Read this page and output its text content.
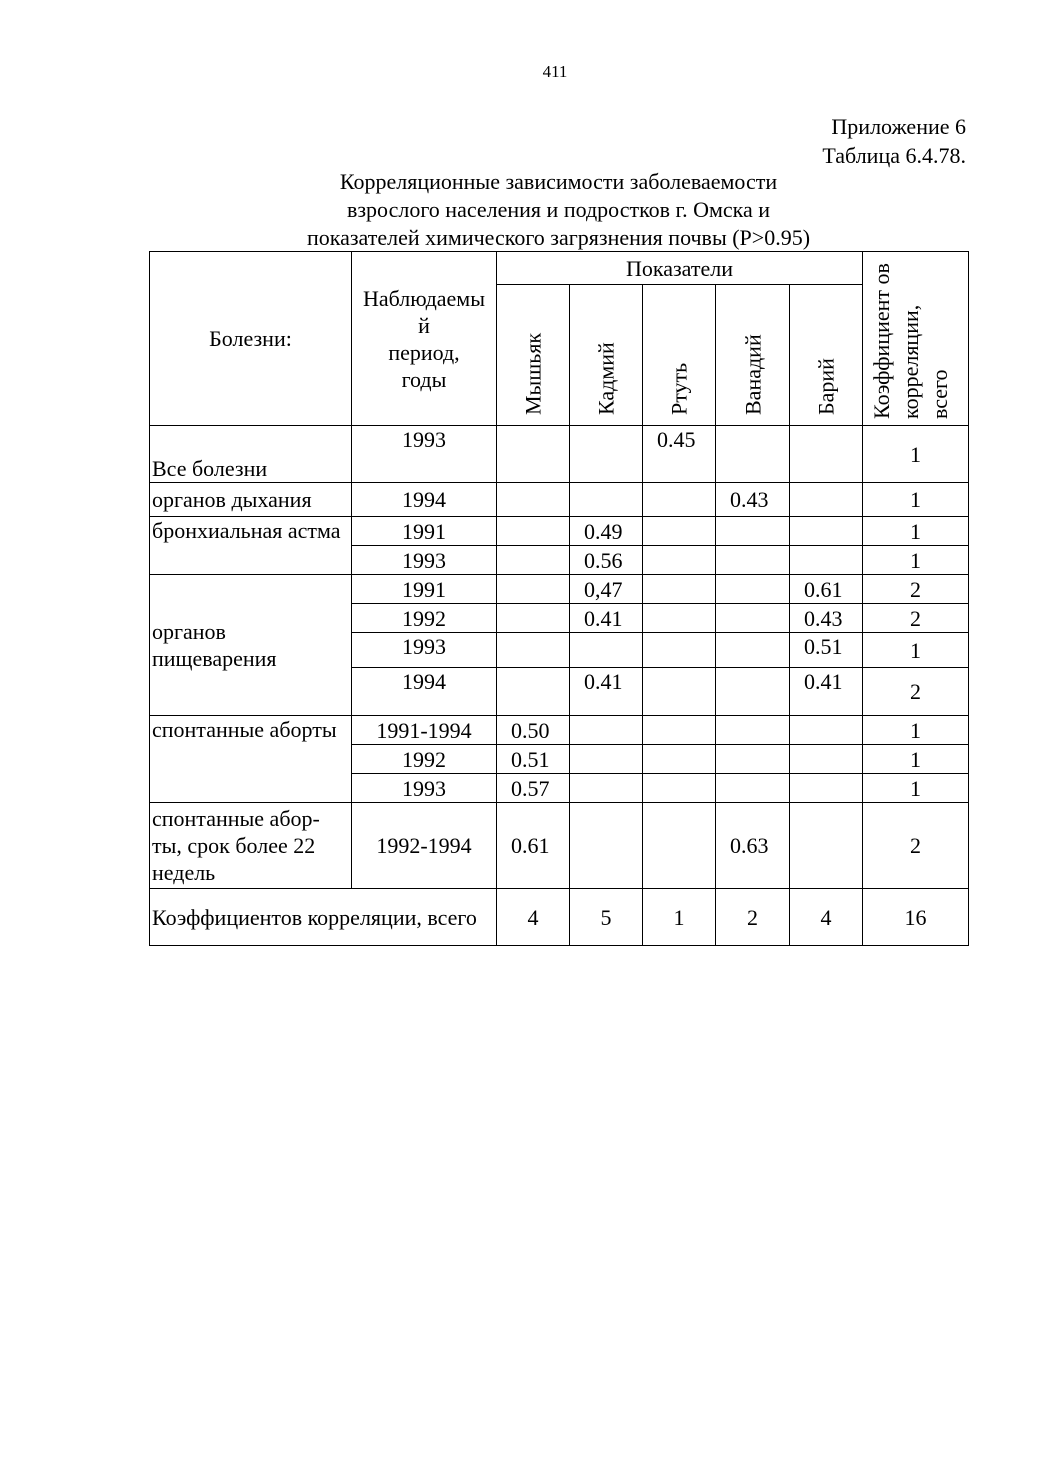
411
Приложение 6
Таблица 6.4.78.
Корреляционные зависимости заболеваемости
взрослого населения и подростков г. Омска и
показателей химического загрязнения почвы (Р>0.95)
Болезни:	Наблюдаемы
й
период,
годы	Показатели					Коэффициент ов корреляции, всего

		Мышьяк	Кадмий	Ртуть	Ванадий	Барий	

Все болезни	1993			0.45			1
органов дыхания	1994				0.43		1
бронхиальная астма	1991		0.49				1
	1993		0.56				1
органов пищеварения	1991		0,47			0.61	2
	1992		0.41			0.43	2
	1993					0.51	1
	1994		0.41			0.41	2
спонтанные аборты	1991-1994	0.50					1
	1992	0.51					1
	1993	0.57					1
спонтанные абор-ты, срок более 22 недель	1992-1994	0.61			0.63		2
Коэффициентов корреляции, всего		4	5	1	2	4	16
